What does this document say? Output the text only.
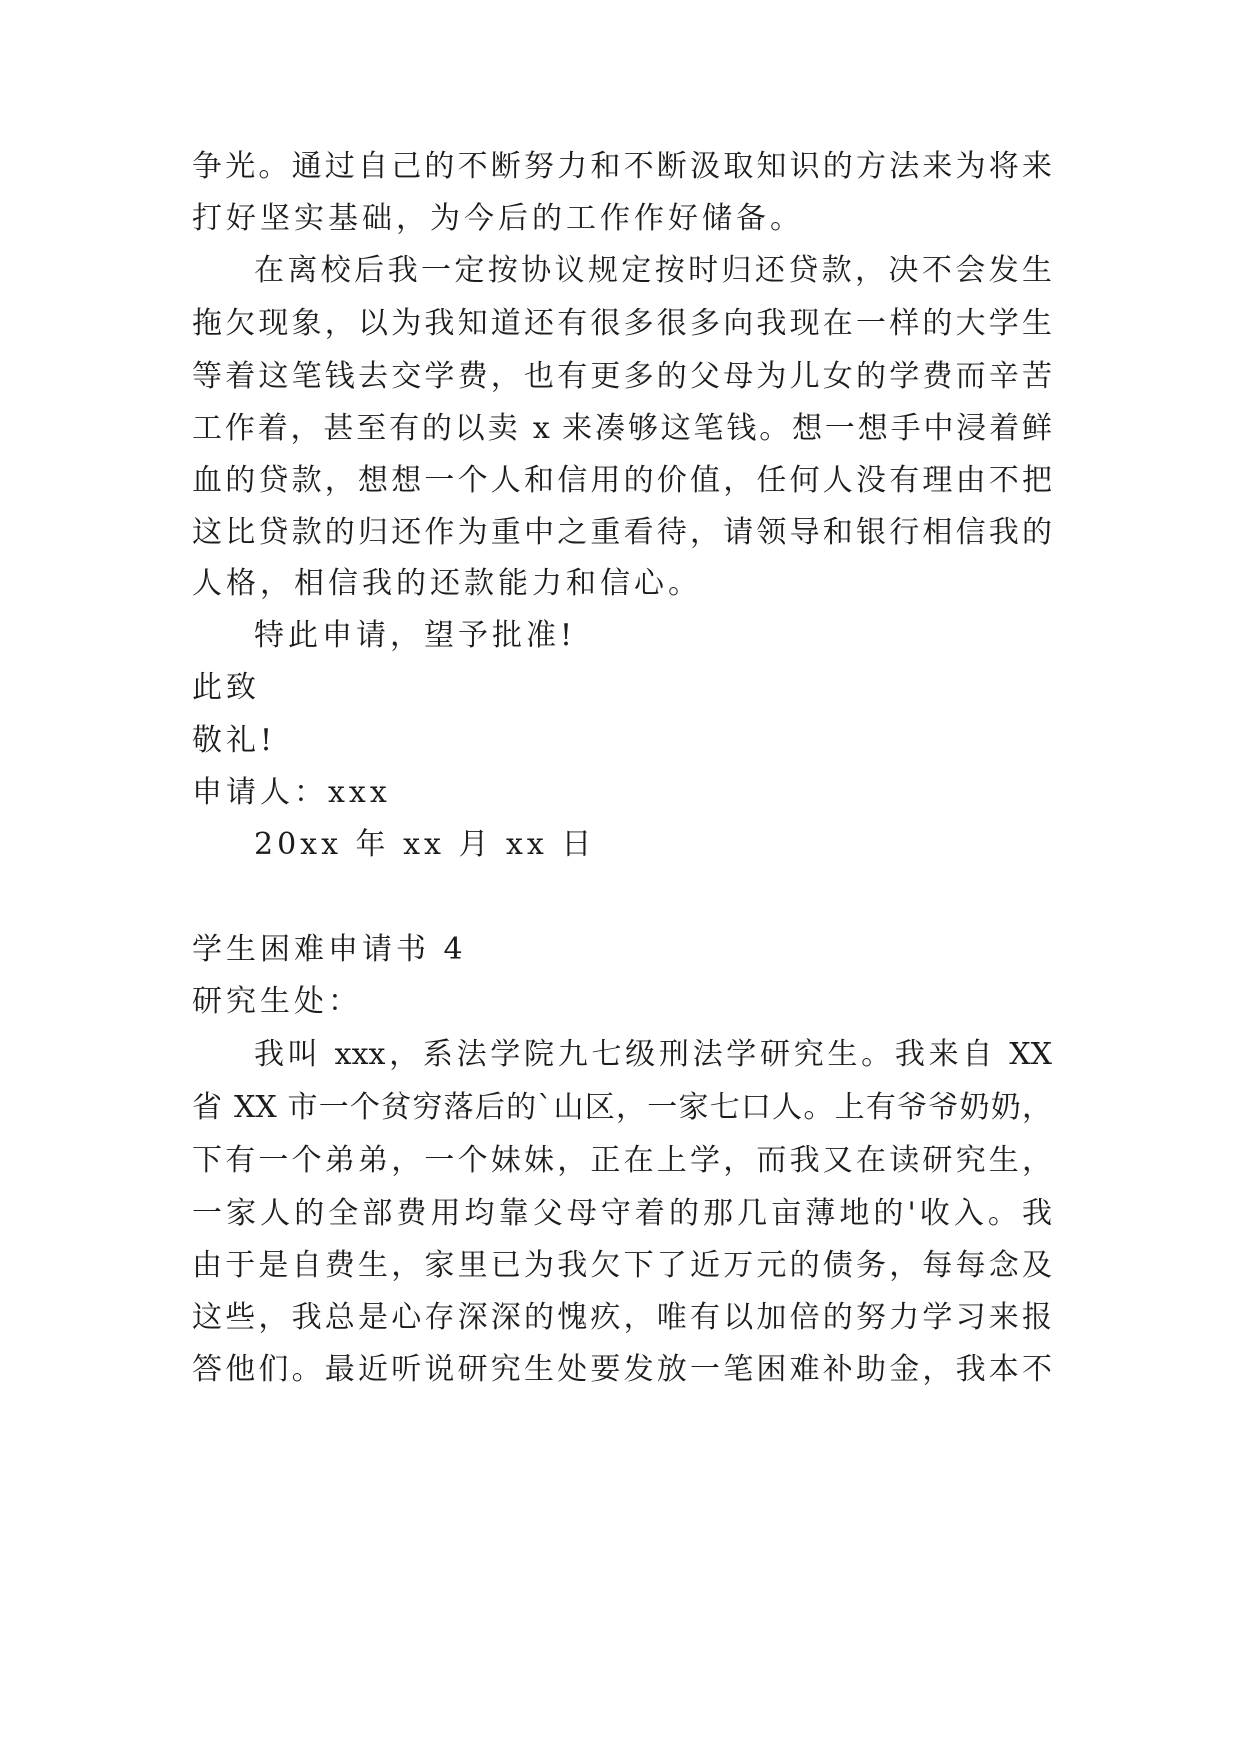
争光。通过自己的不断努力和不断汲取知识的方法来为将来
打好坚实基础，为今后的工作作好储备。
在离校后我一定按协议规定按时归还贷款，决不会发生
拖欠现象，以为我知道还有很多很多向我现在一样的大学生
等着这笔钱去交学费，也有更多的父母为儿女的学费而辛苦
工作着，甚至有的以卖 x 来凑够这笔钱。想一想手中浸着鲜
血的贷款，想想一个人和信用的价值，任何人没有理由不把
这比贷款的归还作为重中之重看待，请领导和银行相信我的
人格，相信我的还款能力和信心。
特此申请，望予批准!
此致
敬礼!
申请人：xxx
20xx 年 xx 月 xx 日
学生困难申请书 4
研究生处：
我叫 xxx，系法学院九七级刑法学研究生。我来自 XX
省 XX 市一个贫穷落后的`山区，一家七口人。上有爷爷奶奶，
下有一个弟弟，一个妹妹，正在上学，而我又在读研究生，
一家人的全部费用均靠父母守着的那几亩薄地的'收入。我
由于是自费生，家里已为我欠下了近万元的债务，每每念及
这些，我总是心存深深的愧疚，唯有以加倍的努力学习来报
答他们。最近听说研究生处要发放一笔困难补助金，我本不
